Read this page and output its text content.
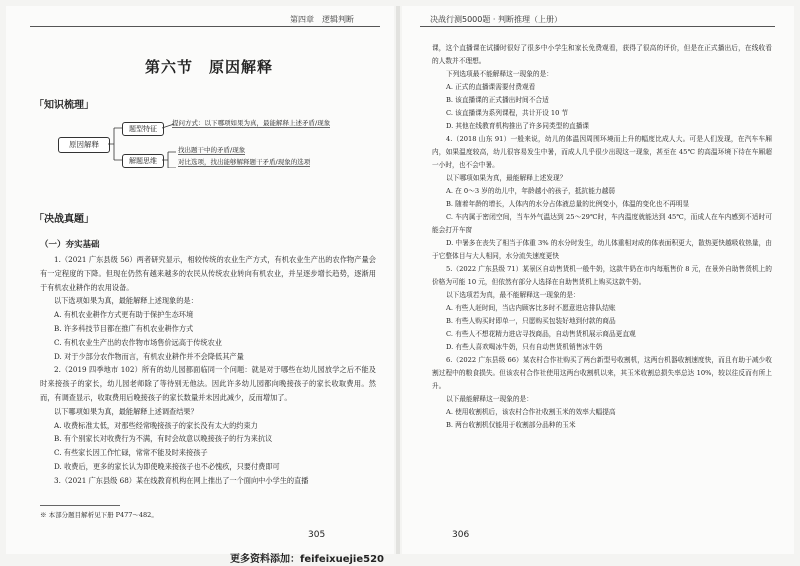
第四章　逻辑判断	决战行测5000题 · 判断推理（上册）
第六节　原因解释
「知识梳理」
原因解释
题型特征
解题思维
提问方式：以下哪项如果为真，最能解释上述矛盾/现象
找出题干中的矛盾/现象
对比选项，找出能够解释题干矛盾/现象的选项
「决战真题」
（一）夯实基础
1.（2021 广东县级 56）两者研究显示，相较传统的农业生产方式，有机农业生产出的农作物产量会有一定程度的下降。但现在仍然有越来越多的农民从传统农业转向有机农业，并呈逐步增长趋势，逐渐用于有机农业耕作的农用设备。
以下选项如果为真，最能解释上述现象的是：
A. 有机农业耕作方式更有助于保护生态环境
B. 许多科技节目都在推广有机农业耕作方式
C. 有机农业生产出的农作物市场售价远高于传统农业
D. 对于少部分农作物而言，有机农业耕作并不会降低其产量
2.（2019 四季地市 102）所有的幼儿园都面临同一个问题：就是对于哪些在幼儿园放学之后不能及时来接孩子的家长，幼儿园老师除了等待别无他法。因此许多幼儿园都向晚接孩子的家长收取费用。然而，有调查显示，收取费用后晚接孩子的家长数量并未因此减少，反而增加了。
以下哪项如果为真，最能解释上述调查结果？
A. 收费标准太低，对那些经常晚接孩子的家长没有太大的约束力
B. 有个别家长对收费行为不满，有时会故意以晚接孩子的行为来抗议
C. 有些家长因工作忙碌，常常不能及时来接孩子
D. 收费后，更多的家长认为即使晚来接孩子也不必愧疚，只要付费即可
3.（2021 广东县级 68）某在线教育机构在网上推出了一个面向中小学生的直播
※ 本部分题目解析见下册 P477～482。
课，这个直播课在试播时很好了很多中小学生和家长免费观看，获得了很高的评价，但是在正式播出后，在线收看的人数并不理想。
下列选项最不能解释这一现象的是：
A. 正式的直播课需要付费观看
B. 该直播课的正式播出时间不合适
C. 该直播课为系列课程，共计开设 10 节
D. 其他在线教育机构推出了许多同类型的直播课
4.（2018 山东 91）一般来说，幼儿的体温因周围环境而上升的幅度比成人大。可是人们发现，在汽车车厢内，如果温度较高，幼儿很容易发生中暑，而成人几乎很少出现这一现象，甚至在 45℃ 的高温环境下待在车厢超一小时，也不会中暑。
以下哪项如果为真，最能解释上述发现？
A. 在 0～3 岁的幼儿中，年龄越小的孩子，抵抗能力越弱
B. 随着年龄的增长，人体内的水分占体液总量的比例变小，体温的变化也不再明显
C. 车内属于密闭空间，当车外气温达到 25～29℃时，车内温度就能达到 45℃，而成人在车内感到不适时可能会打开车窗
D. 中暑多在丧失了相当于体重 3% 的水分时发生，幼儿体重相对成的体表面积更大，散热更快越吸收热量，由于它整体目与大人相同，水分流失速度更快
5.（2022 广东县级 71）某景区自动售货机一般牛奶，这款牛奶在市内每瓶售价 8 元，在景外自助售货机上的价格为可能 10 元，但依然有部分人选择在自助售货机上购买这款牛奶。
以下选项若为真，最不能解释这一现象的是：
A. 有些人赶时间，当店内顾客比多时不愿意进店排队结账
B. 有些人购买时即单一，只愿购买包装好地到付款的商品
C. 有些人不想花精力进店寻找商品，自动售货机展示商品更直观
D. 有些人喜欢喝冰牛奶，只有自动售货机销售冰牛奶
6.（2022 广东县级 66）某农村合作社购买了两台新型号收割机，这两台机器收割速度快，而且有助于减少收割过程中的粮食损失。但该农村合作社使用这两台收割机以来，其玉米收割总损失率总达 10%，较以往反而有所上升。
以下最能解释这一现象的是：
A. 使用收割机后，该农村合作社收割玉米的效率大幅提高
B. 两台收割机仅能用于收割部分品种的玉米
305	306
更多资料添加：feifeixuejie520
